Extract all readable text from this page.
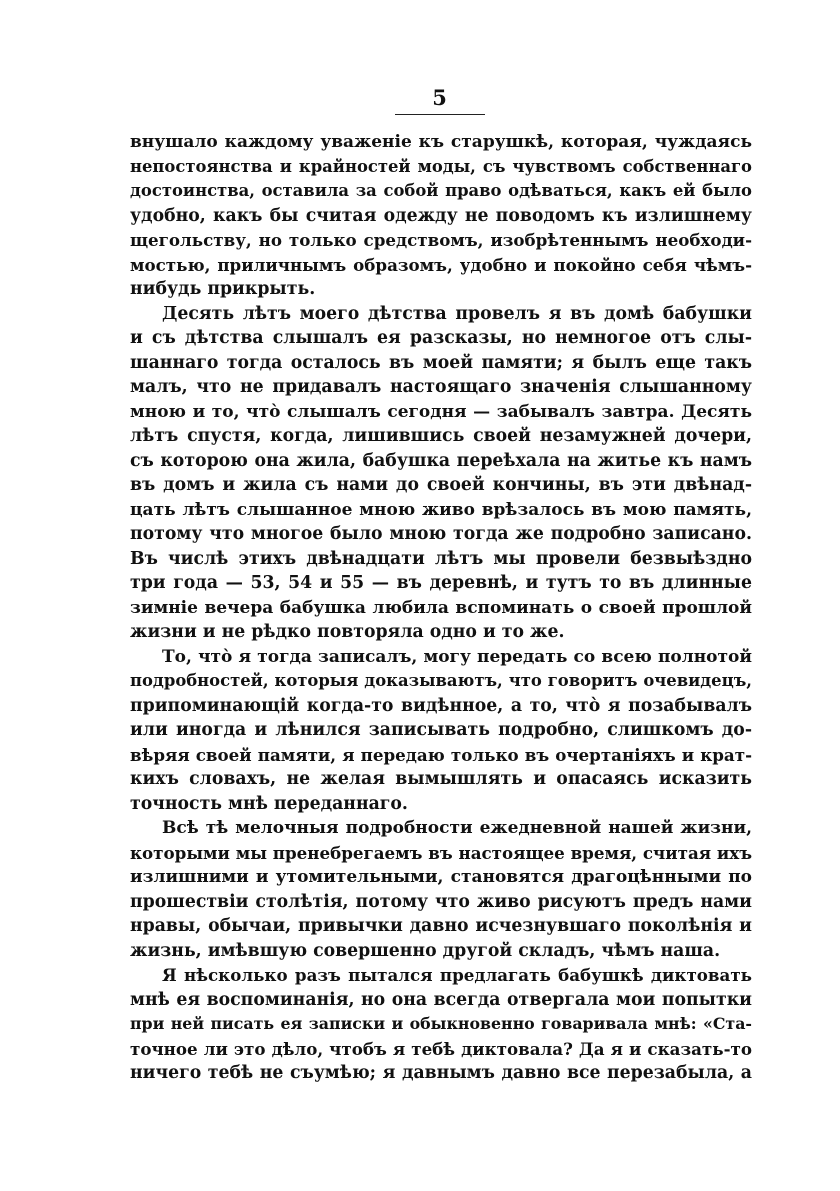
5
внушало каждому уваженіе къ старушкѣ, которая, чуждаясь
непостоянства и крайностей моды, съ чувствомъ собственнаго
достоинства, оставила за собой право одѣваться, какъ ей было
удобно, какъ бы считая одежду не поводомъ къ излишнему
щегольству, но только средствомъ, изобрѣтеннымъ необходи-
мостью, приличнымъ образомъ, удобно и покойно себя чѣмъ-
нибудь прикрыть.
Десять лѣтъ моего дѣтства провелъ я въ домѣ бабушки
и съ дѣтства слышалъ ея разсказы, но немногое отъ слы-
шаннаго тогда осталось въ моей памяти; я былъ еще такъ
малъ, что не придавалъ настоящаго значенія слышанному
мною и то, что̀ слышалъ сегодня — забывалъ завтра. Десять
лѣтъ спустя, когда, лишившись своей незамужней дочери,
съ которою она жила, бабушка переѣхала на житье къ намъ
въ домъ и жила съ нами до своей кончины, въ эти двѣнад-
цать лѣтъ слышанное мною живо врѣзалось въ мою память,
потому что многое было мною тогда же подробно записано.
Въ числѣ этихъ двѣнадцати лѣтъ мы провели безвыѣздно
три года — 53, 54 и 55 — въ деревнѣ, и тутъ то въ длинные
зимніе вечера бабушка любила вспоминать о своей прошлой
жизни и не рѣдко повторяла одно и то же.
То, что̀ я тогда записалъ, могу передать со всею полнотой
подробностей, которыя доказываютъ, что говоритъ очевидецъ,
припоминающій когда-то видѣнное, а то, что̀ я позабывалъ
или иногда и лѣнился записывать подробно, слишкомъ до-
вѣряя своей памяти, я передаю только въ очертаніяхъ и крат-
кихъ словахъ, не желая вымышлять и опасаясь исказить
точность мнѣ переданнаго.
Всѣ тѣ мелочныя подробности ежедневной нашей жизни,
которыми мы пренебрегаемъ въ настоящее время, считая ихъ
излишними и утомительными, становятся драгоцѣнными по
прошествіи столѣтія, потому что живо рисуютъ предъ нами
нравы, обычаи, привычки давно исчезнувшаго поколѣнія и
жизнь, имѣвшую совершенно другой складъ, чѣмъ наша.
Я нѣсколько разъ пытался предлагать бабушкѣ диктовать
мнѣ ея воспоминанія, но она всегда отвергала мои попытки
при ней писать ея записки и обыкновенно говаривала мнѣ: «Ста-
точное ли это дѣло, чтобъ я тебѣ диктовала? Да я и сказать-то
ничего тебѣ не съумѣю; я давнымъ давно все перезабыла, а
